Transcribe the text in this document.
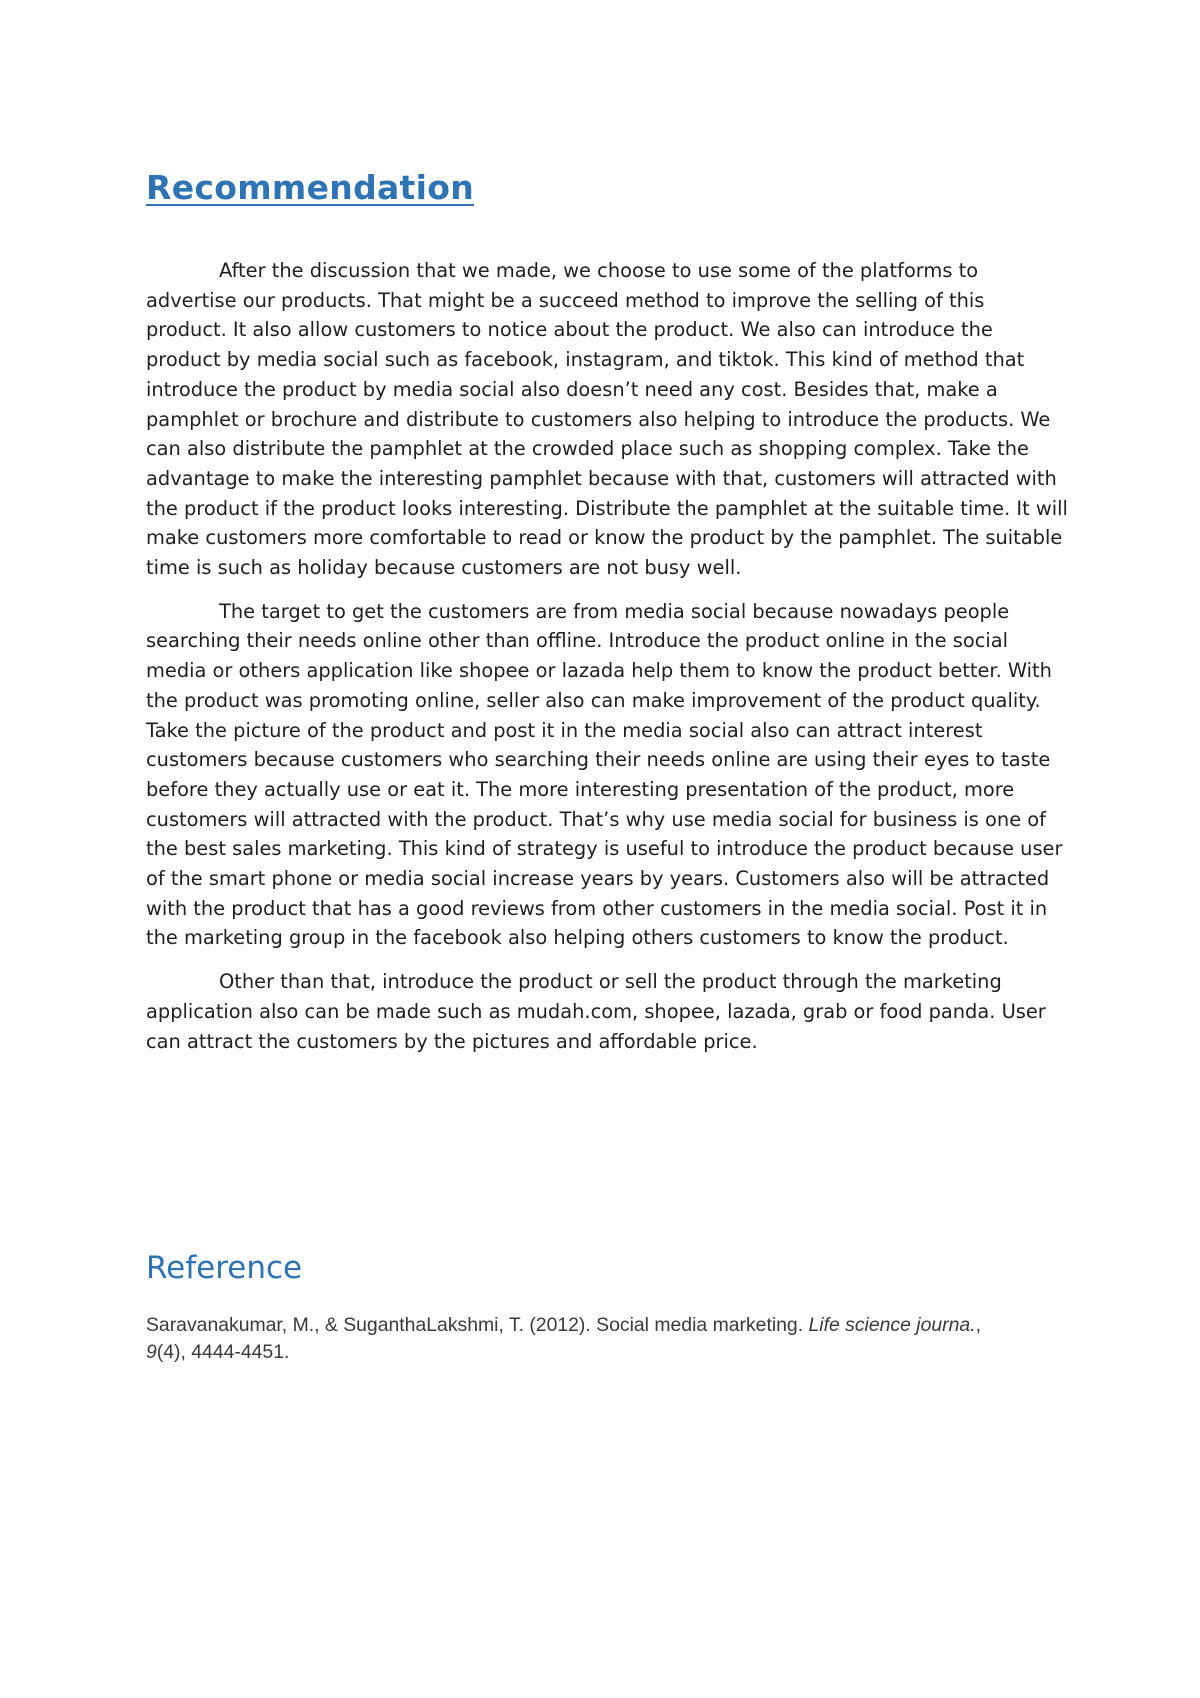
Recommendation

After the discussion that we made, we choose to use some of the platforms to advertise our products. That might be a succeed method to improve the selling of this product. It also allow customers to notice about the product. We also can introduce the product by media social such as facebook, instagram, and tiktok. This kind of method that introduce the product by media social also doesn’t need any cost. Besides that, make a pamphlet or brochure and distribute to customers also helping to introduce the products. We can also distribute the pamphlet at the crowded place such as shopping complex. Take the advantage to make the interesting pamphlet because with that, customers will attracted with the product if the product looks interesting. Distribute the pamphlet at the suitable time. It will make customers more comfortable to read or know the product by the pamphlet. The suitable time is such as holiday because customers are not busy well.

The target to get the customers are from media social because nowadays people searching their needs online other than offline. Introduce the product online in the social media or others application like shopee or lazada help them to know the product better. With the product was promoting online, seller also can make improvement of the product quality. Take the picture of the product and post it in the media social also can attract interest customers because customers who searching their needs online are using their eyes to taste before they actually use or eat it. The more interesting presentation of the product, more customers will attracted with the product. That’s why use media social for business is one of the best sales marketing. This kind of strategy is useful to introduce the product because user of the smart phone or media social increase years by years. Customers also will be attracted with the product that has a good reviews from other customers in the media social. Post it in the marketing group in the facebook also helping others customers to know the product.

Other than that, introduce the product or sell the product through the marketing application also can be made such as mudah.com, shopee, lazada, grab or food panda. User can attract the customers by the pictures and affordable price.

Reference

Saravanakumar, M., & SuganthaLakshmi, T. (2012). Social media marketing. Life science journa., 9(4), 4444-4451.
